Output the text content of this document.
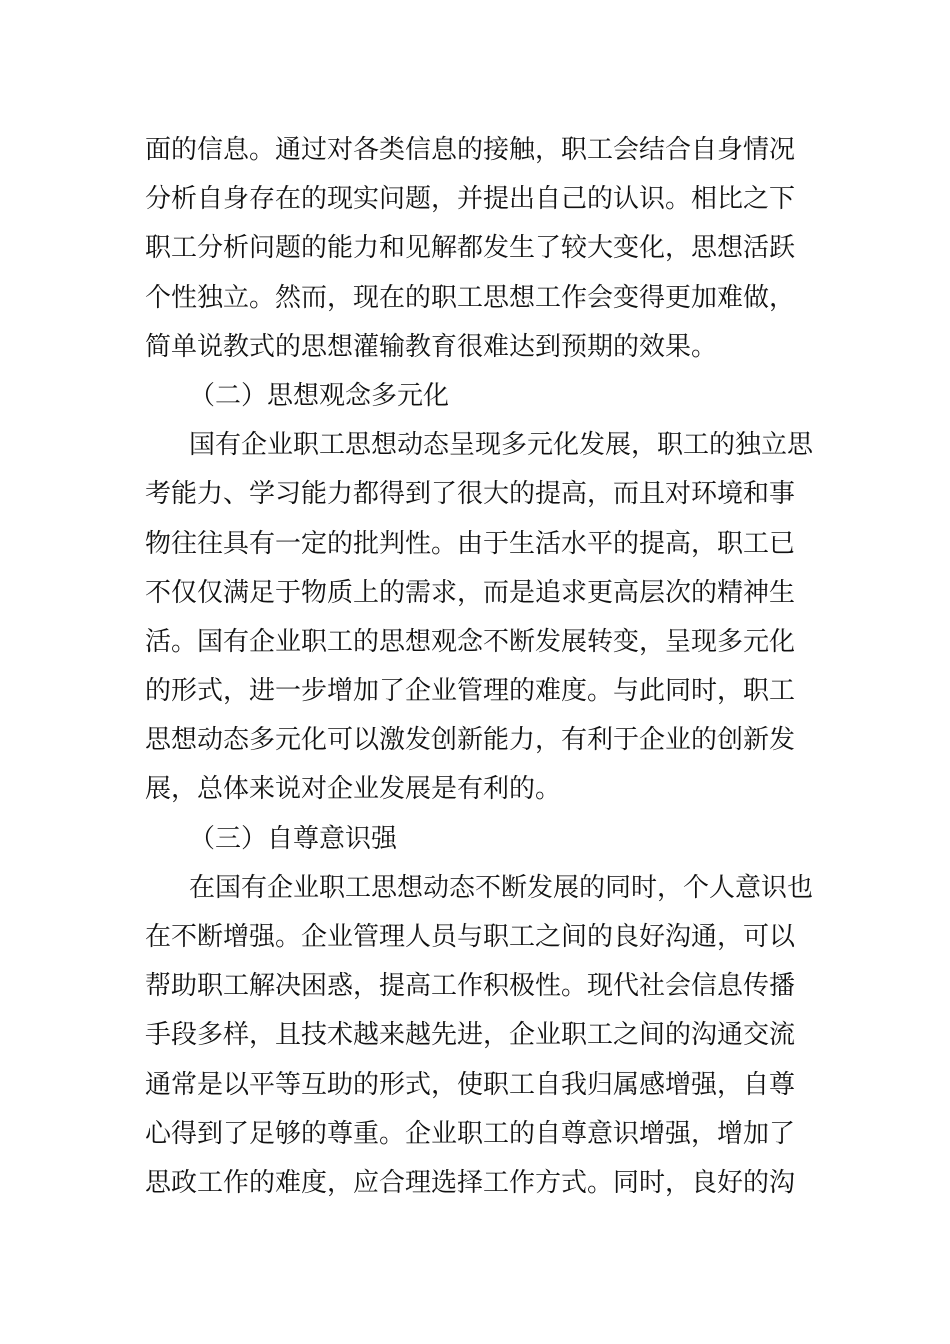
面的信息。通过对各类信息的接触，职工会结合自身情况
分析自身存在的现实问题，并提出自己的认识。相比之下
职工分析问题的能力和见解都发生了较大变化，思想活跃
个性独立。然而，现在的职工思想工作会变得更加难做，
简单说教式的思想灌输教育很难达到预期的效果。
（二）思想观念多元化
国有企业职工思想动态呈现多元化发展，职工的独立思
考能力、学习能力都得到了很大的提高，而且对环境和事
物往往具有一定的批判性。由于生活水平的提高，职工已
不仅仅满足于物质上的需求，而是追求更高层次的精神生
活。国有企业职工的思想观念不断发展转变，呈现多元化
的形式，进一步增加了企业管理的难度。与此同时，职工
思想动态多元化可以激发创新能力，有利于企业的创新发
展，总体来说对企业发展是有利的。
（三）自尊意识强
在国有企业职工思想动态不断发展的同时，个人意识也
在不断增强。企业管理人员与职工之间的良好沟通，可以
帮助职工解决困惑，提高工作积极性。现代社会信息传播
手段多样，且技术越来越先进，企业职工之间的沟通交流
通常是以平等互助的形式，使职工自我归属感增强，自尊
心得到了足够的尊重。企业职工的自尊意识增强，增加了
思政工作的难度，应合理选择工作方式。同时，良好的沟
